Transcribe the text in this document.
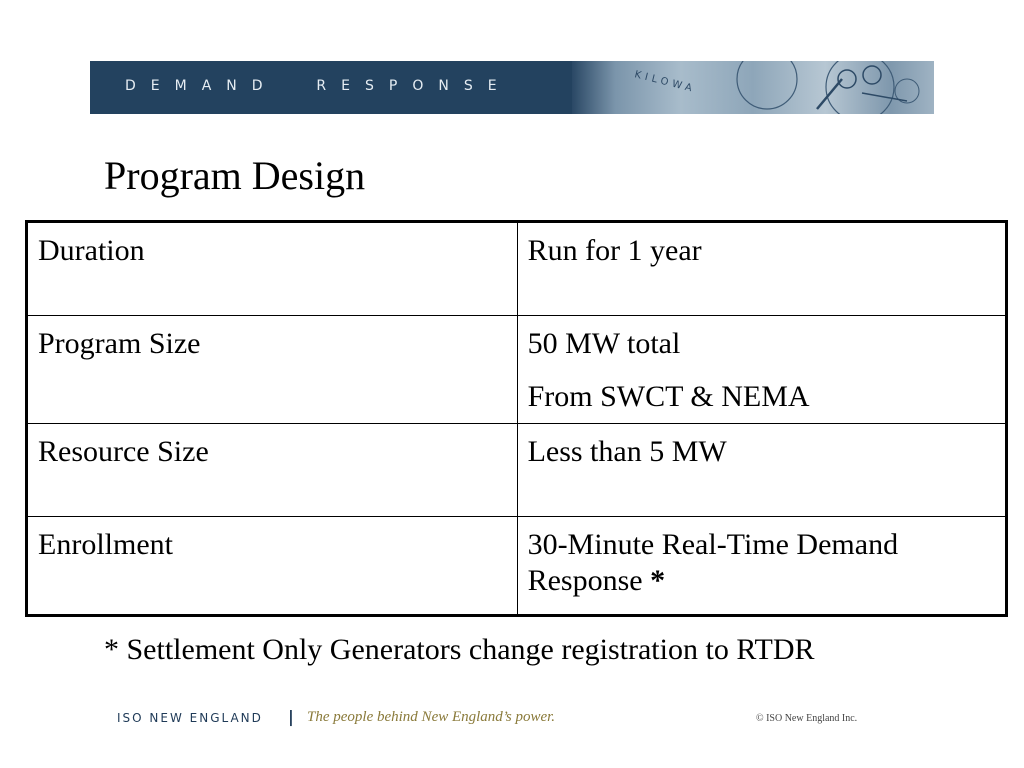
DEMAND  RESPONSE	KILOWA
Program Design
Duration	Run for 1 year
Program Size	50 MW total
From SWCT & NEMA

Resource Size	Less than 5 MW
Enrollment	30-Minute Real-Time Demand Response *
* Settlement Only Generators change registration to RTDR
ISO NEW ENGLAND | The people behind New England’s power.	© ISO New England Inc.
